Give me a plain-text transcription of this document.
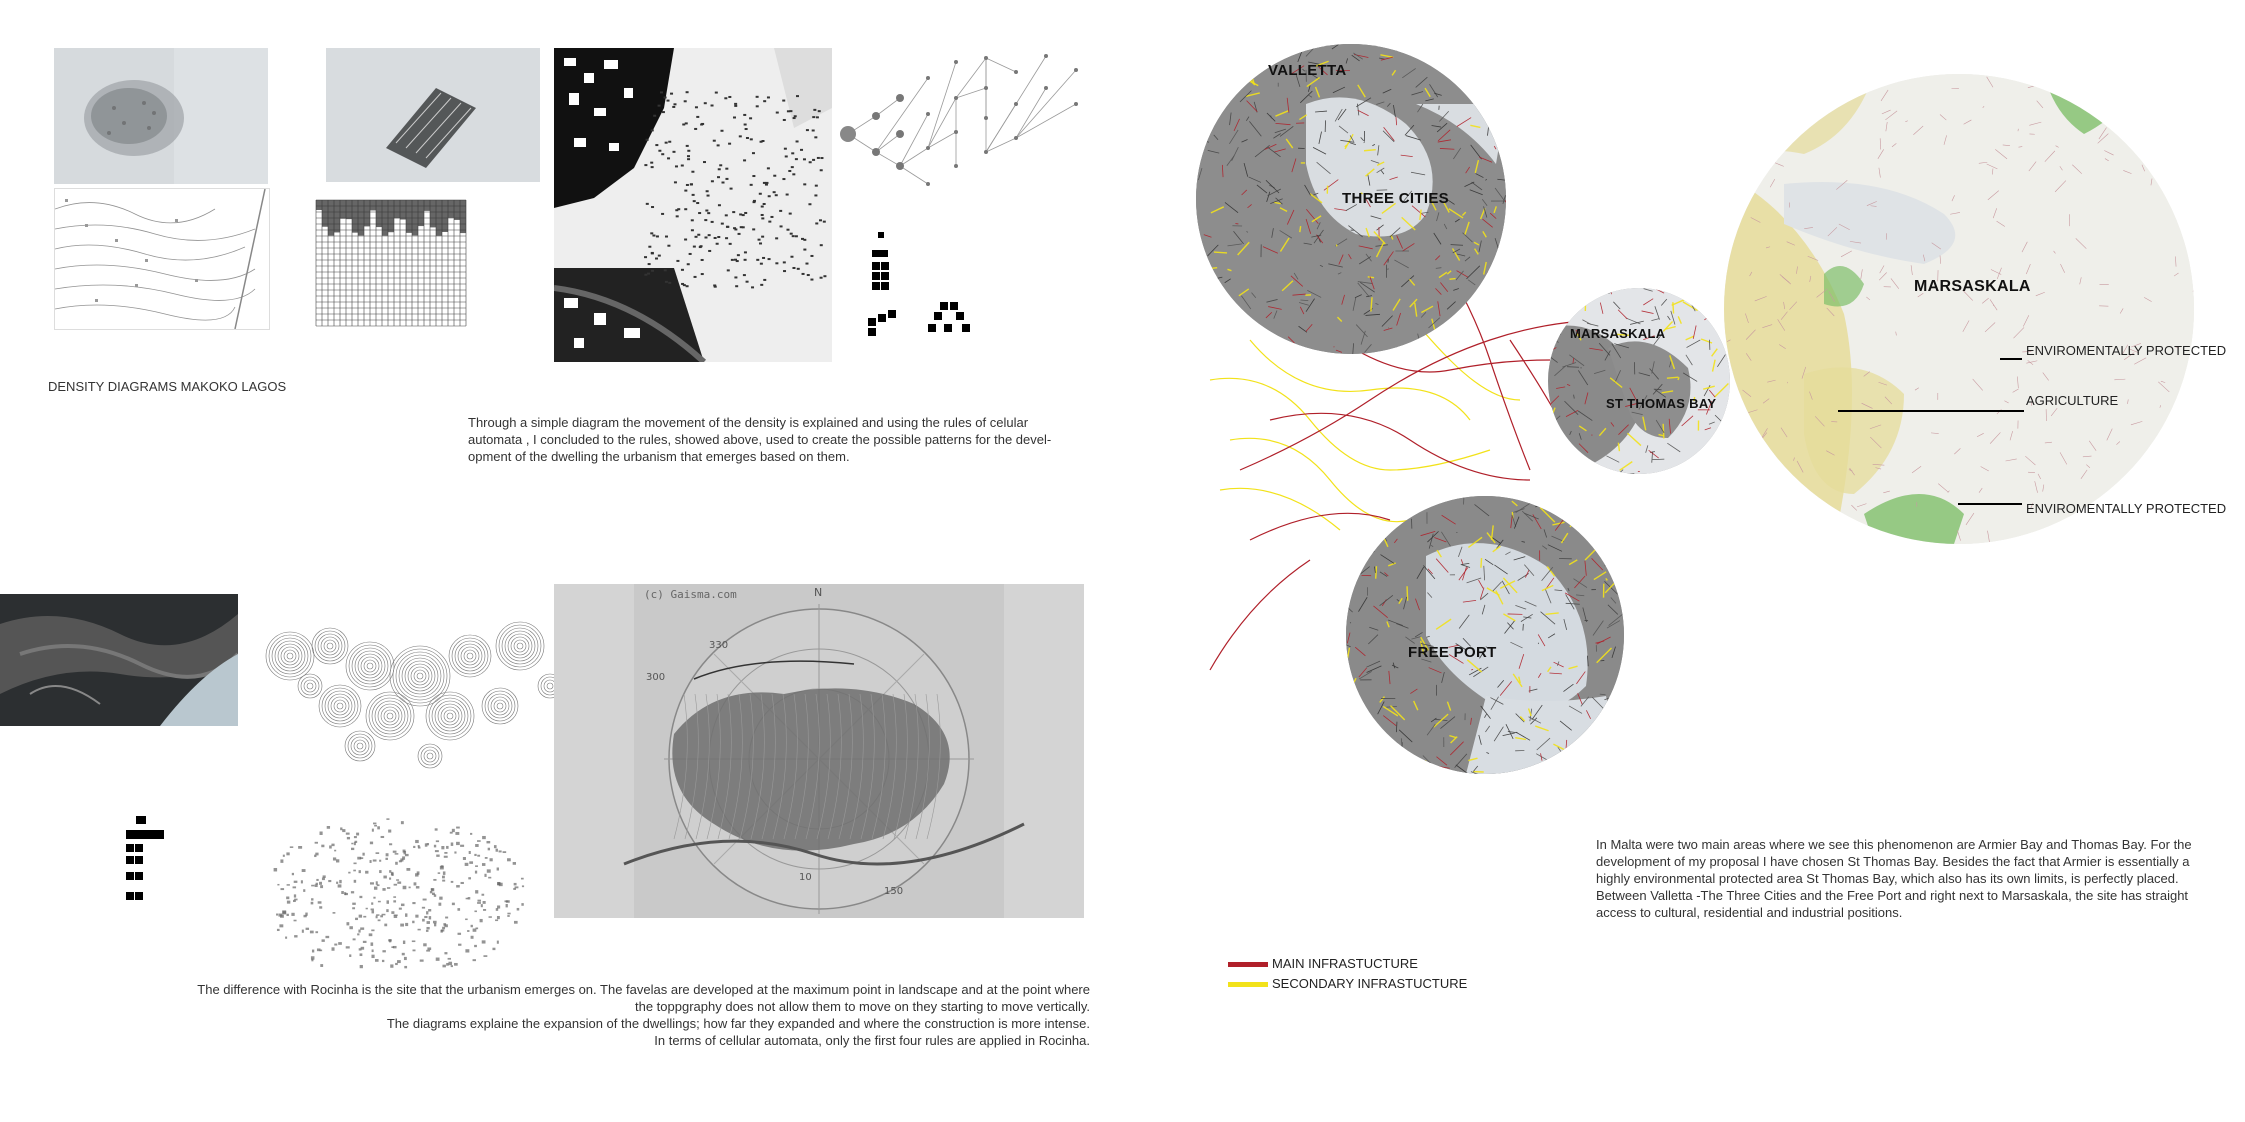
DENSITY DIAGRAMS MAKOKO LAGOS
Through a simple diagram the movement of the density is explained and using the rules of celular automata , I concluded to the rules, showed above, used to create the possible patterns for the devel-opment of the dwelling the urbanism that emerges based on them.
(c) Gaisma.com	N
330
300
10
150
The difference with Rocinha is the site that the urbanism emerges on. The favelas are developed at the maximum point in landscape and at the point where
the toppgraphy does not allow them to move on they starting to move vertically.
The diagrams explaine the expansion of the dwellings; how far they expanded and where the construction is more intense.
In terms of cellular automata, only the first four rules are applied in Rocinha.
VALLETTA
THREE CITIES
MARSASKALA
ST THOMAS BAY
FREE PORT
MARSASKALA
ENVIROMENTALLY PROTECTED
AGRICULTURE
ENVIROMENTALLY PROTECTED
In Malta were two main areas where we see this phenomenon are Armier Bay and Thomas Bay. For the development of my proposal I have chosen St Thomas Bay. Besides the fact that Armier is essentially a highly environmental protected area St Thomas Bay, which also has its own limits, is perfectly placed. Between Valletta -The Three Cities and the Free Port and right next to Marsaskala, the site has straight access to cultural, residential and industrial positions.
MAIN INFRASTUCTURE
SECONDARY INFRASTUCTURE
